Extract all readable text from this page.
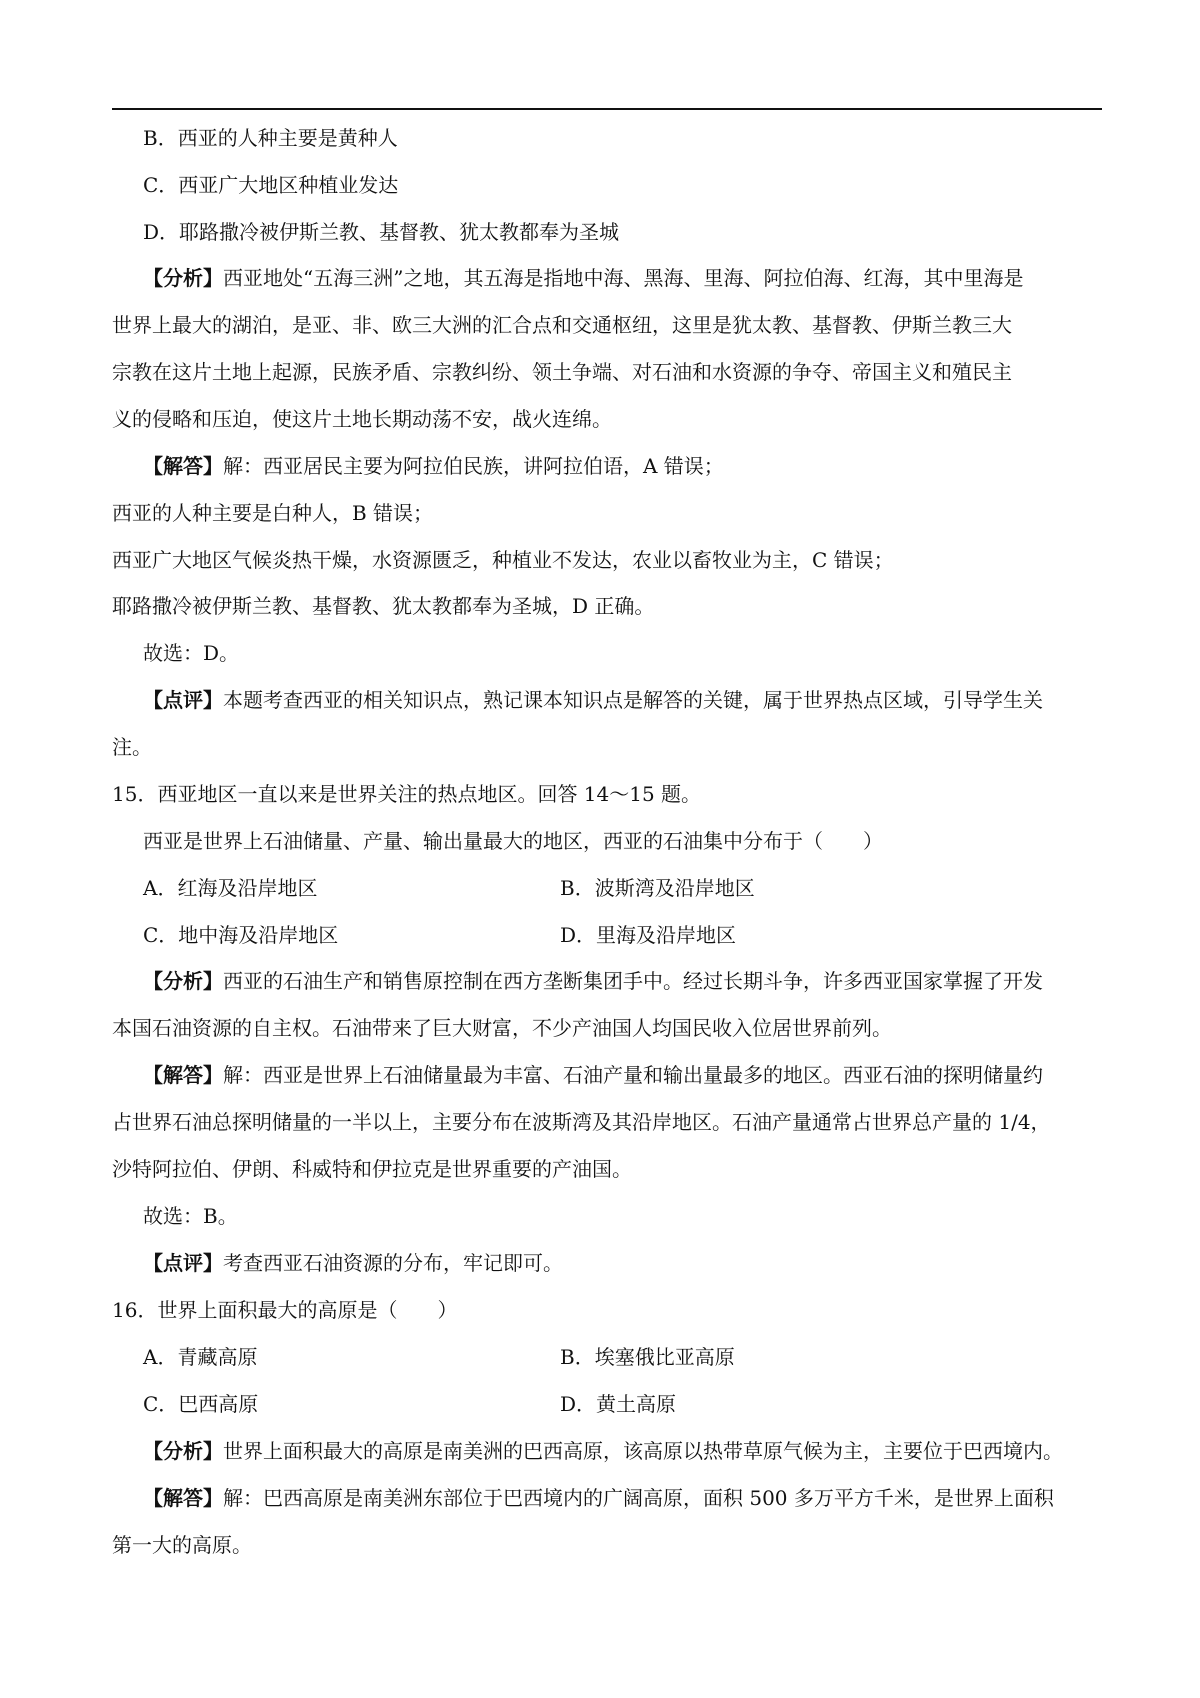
B．西亚的人种主要是黄种人
C．西亚广大地区种植业发达
D．耶路撒冷被伊斯兰教、基督教、犹太教都奉为圣城
【分析】西亚地处“五海三洲”之地，其五海是指地中海、黑海、里海、阿拉伯海、红海，其中里海是
世界上最大的湖泊，是亚、非、欧三大洲的汇合点和交通枢纽，这里是犹太教、基督教、伊斯兰教三大
宗教在这片土地上起源，民族矛盾、宗教纠纷、领土争端、对石油和水资源的争夺、帝国主义和殖民主
义的侵略和压迫，使这片土地长期动荡不安，战火连绵。
【解答】解：西亚居民主要为阿拉伯民族，讲阿拉伯语，A 错误；
西亚的人种主要是白种人，B 错误；
西亚广大地区气候炎热干燥，水资源匮乏，种植业不发达，农业以畜牧业为主，C 错误；
耶路撒冷被伊斯兰教、基督教、犹太教都奉为圣城，D 正确。
故选：D。
【点评】本题考查西亚的相关知识点，熟记课本知识点是解答的关键，属于世界热点区域，引导学生关
注。
15．西亚地区一直以来是世界关注的热点地区。回答 14～15 题。
西亚是世界上石油储量、产量、输出量最大的地区，西亚的石油集中分布于（　　）
A．红海及沿岸地区	B．波斯湾及沿岸地区
C．地中海及沿岸地区	D．里海及沿岸地区
【分析】西亚的石油生产和销售原控制在西方垄断集团手中。经过长期斗争，许多西亚国家掌握了开发
本国石油资源的自主权。石油带来了巨大财富，不少产油国人均国民收入位居世界前列。
【解答】解：西亚是世界上石油储量最为丰富、石油产量和输出量最多的地区。西亚石油的探明储量约
占世界石油总探明储量的一半以上，主要分布在波斯湾及其沿岸地区。石油产量通常占世界总产量的 1/4，
沙特阿拉伯、伊朗、科威特和伊拉克是世界重要的产油国。
故选：B。
【点评】考查西亚石油资源的分布，牢记即可。
16．世界上面积最大的高原是（　　）
A．青藏高原	B．埃塞俄比亚高原
C．巴西高原	D．黄土高原
【分析】世界上面积最大的高原是南美洲的巴西高原，该高原以热带草原气候为主，主要位于巴西境内。
【解答】解：巴西高原是南美洲东部位于巴西境内的广阔高原，面积 500 多万平方千米，是世界上面积
第一大的高原。
